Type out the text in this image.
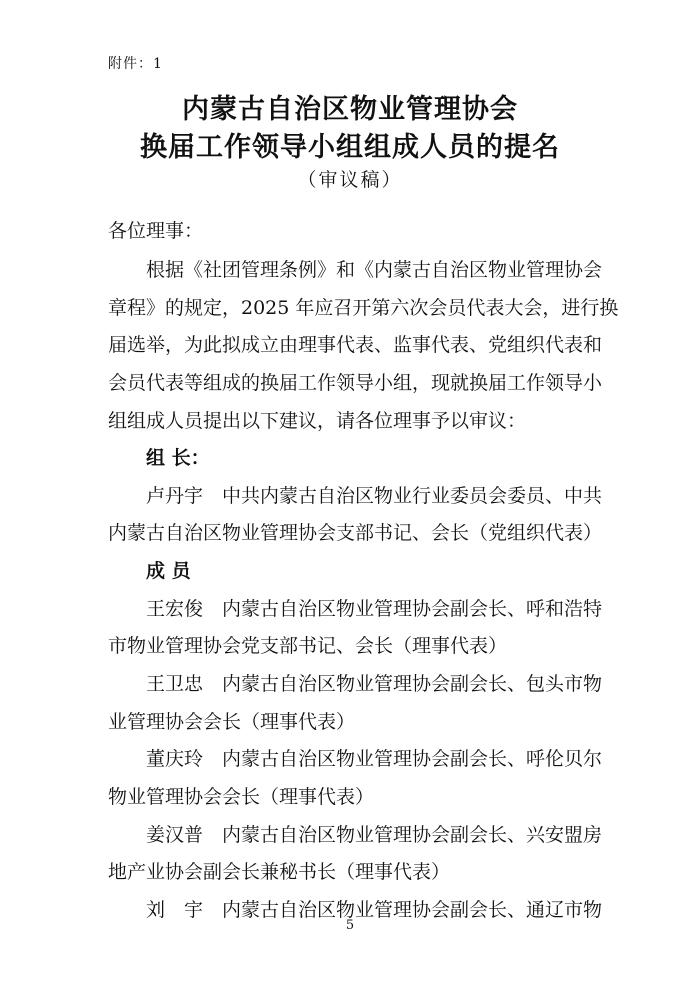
附件：1
内蒙古自治区物业管理协会
换届工作领导小组组成人员的提名
（审议稿）
各位理事：
根据《社团管理条例》和《内蒙古自治区物业管理协会
章程》的规定，2025 年应召开第六次会员代表大会，进行换
届选举，为此拟成立由理事代表、监事代表、党组织代表和
会员代表等组成的换届工作领导小组，现就换届工作领导小
组组成人员提出以下建议，请各位理事予以审议：
组 长：
卢丹宇　中共内蒙古自治区物业行业委员会委员、中共
内蒙古自治区物业管理协会支部书记、会长（党组织代表）
成 员
王宏俊　内蒙古自治区物业管理协会副会长、呼和浩特
市物业管理协会党支部书记、会长（理事代表）
王卫忠　内蒙古自治区物业管理协会副会长、包头市物
业管理协会会长（理事代表）
董庆玲　内蒙古自治区物业管理协会副会长、呼伦贝尔
物业管理协会会长（理事代表）
姜汉普　内蒙古自治区物业管理协会副会长、兴安盟房
地产业协会副会长兼秘书长（理事代表）
刘　宇　内蒙古自治区物业管理协会副会长、通辽市物
5
